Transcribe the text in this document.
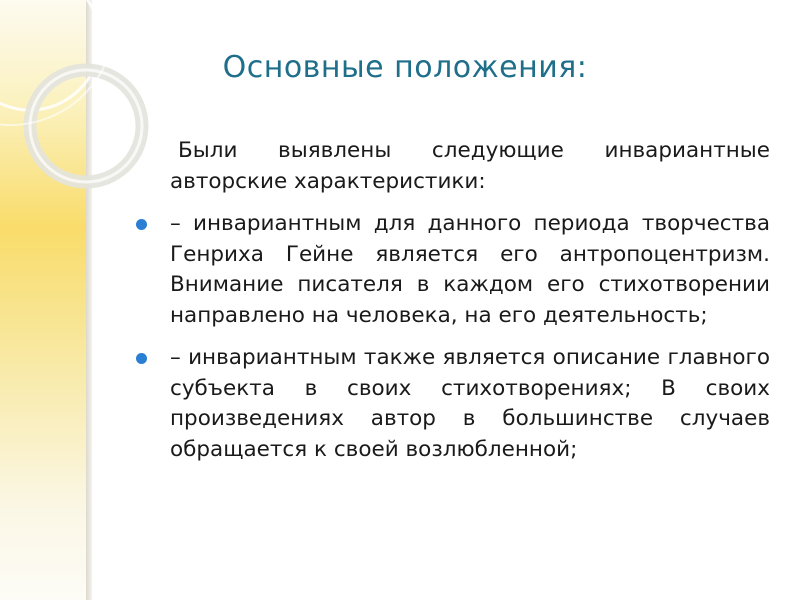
Основные положения:

Были выявлены следующие инвариантные авторские характеристики:

– инвариантным для данного периода творчества Генриха Гейне является его антропоцентризм. Внимание писателя в каждом его стихотворении направлено на человека, на его деятельность;
– инвариантным также является описание главного субъекта в своих стихотворениях; В своих произведениях автор в большинстве случаев обращается к своей возлюбленной;
